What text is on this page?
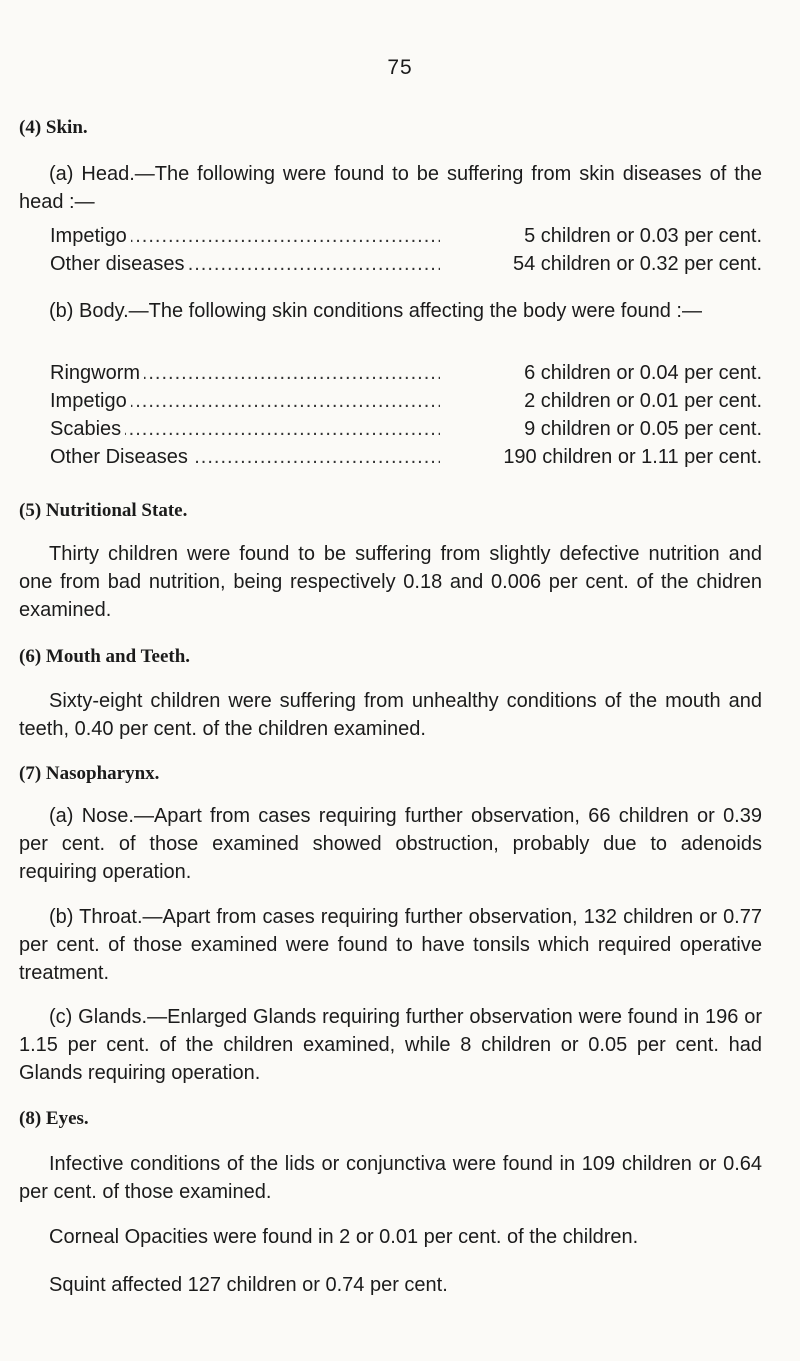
75
(4) Skin.

(a) Head.—The following were found to be suffering from skin diseases of the head :—

.....
Impetigo	5 children or 0.03 per cent.
.....
Other diseases	54 children or 0.32 per cent.

(b) Body.—The following skin conditions affecting the body were found :—

.....
Ringworm	6 children or 0.04 per cent.
.....
Impetigo	2 children or 0.01 per cent.
.....
Scabies	9 children or 0.05 per cent.
.....
Other Diseases	190 children or 1.11 per cent.
(5) Nutritional State.

Thirty children were found to be suffering from slightly defective nutrition and one from bad nutrition, being respectively 0.18 and 0.006 per cent. of the chidren examined.

(6) Mouth and Teeth.

Sixty-eight children were suffering from unhealthy conditions of the mouth and teeth, 0.40 per cent. of the children examined.

(7) Nasopharynx.

(a) Nose.—Apart from cases requiring further observation, 66 children or 0.39 per cent. of those examined showed obstruction, probably due to adenoids requiring operation.

(b) Throat.—Apart from cases requiring further observation, 132 children or 0.77 per cent. of those examined were found to have tonsils which required operative treatment.

(c) Glands.—Enlarged Glands requiring further observation were found in 196 or 1.15 per cent. of the children examined, while 8 children or 0.05 per cent. had Glands requiring operation.

(8) Eyes.

Infective conditions of the lids or conjunctiva were found in 109 children or 0.64 per cent. of those examined.

Corneal Opacities were found in 2 or 0.01 per cent. of the children.

Squint affected 127 children or 0.74 per cent.
